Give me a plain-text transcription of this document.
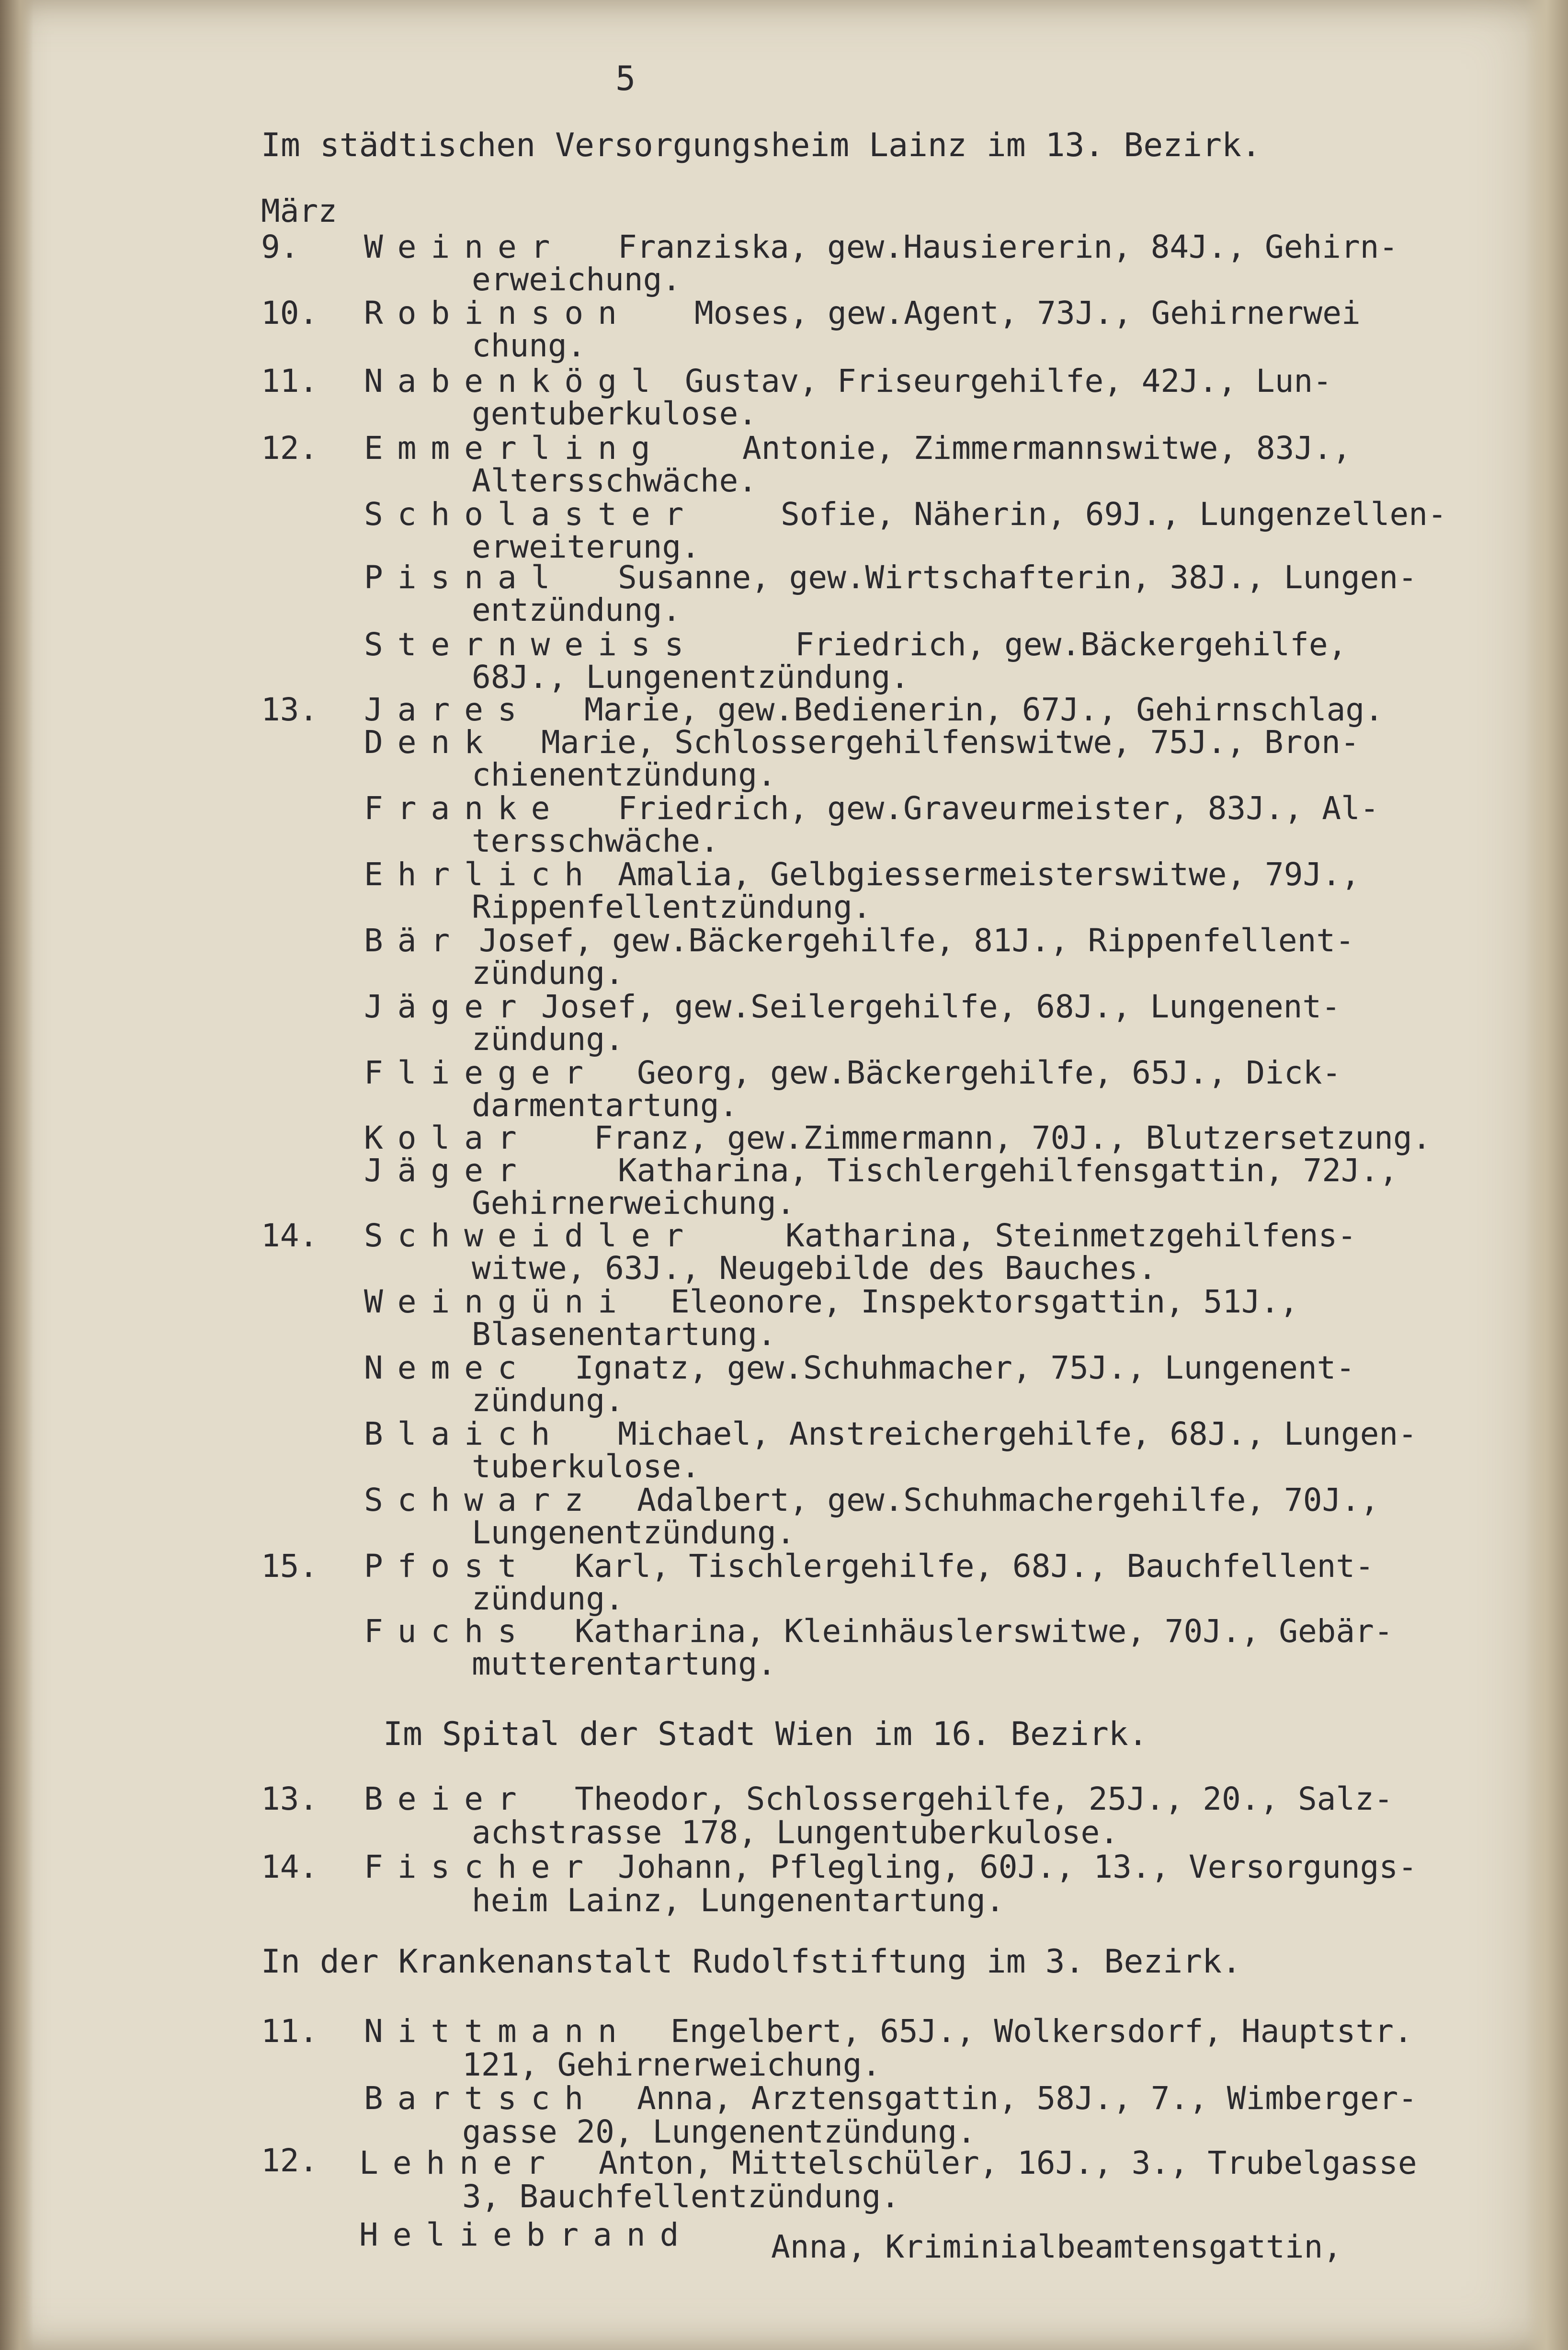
5
Im städtischen Versorgungsheim Lainz im 13. Bezirk.
März
9. Weiner Franziska, gew.Hausiererin, 84J., Gehirn-
erweichung.
10. Robinson Moses, gew.Agent, 73J., Gehirnerwei
chung.
11. Nabenkögl Gustav, Friseurgehilfe, 42J., Lun-
gentuberkulose.
12. Emmerling Antonie, Zimmermannswitwe, 83J.,
Altersschwäche.
Scholaster	Sofie, Näherin, 69J., Lungenzellen-
erweiterung.
Pisnal Susanne, gew.Wirtschafterin, 38J., Lungen-
entzündung.
Sternweiss	Friedrich, gew.Bäckergehilfe,
68J., Lungenentzündung.
13. Jares Marie, gew.Bedienerin, 67J., Gehirnschlag.
Denk Marie, Schlossergehilfenswitwe, 75J., Bron-
chienentzündung.
Franke Friedrich, gew.Graveurmeister, 83J., Al-
tersschwäche.
Ehrlich Amalia, Gelbgiessermeisterswitwe, 79J.,
Rippenfellentzündung.
Bär Josef, gew.Bäckergehilfe, 81J., Rippenfellent-
zündung.
Jäger Josef, gew.Seilergehilfe, 68J., Lungenent-
zündung.
Flieger Georg, gew.Bäckergehilfe, 65J., Dick-
darmentartung.
Kolar Franz, gew.Zimmermann, 70J., Blutzersetzung.
Jäger	Katharina, Tischlergehilfensgattin, 72J.,
Gehirnerweichung.
14. Schweidler	Katharina, Steinmetzgehilfens-
witwe, 63J., Neugebilde des Bauches.
Weingüni Eleonore, Inspektorsgattin, 51J.,
Blasenentartung.
Nemec Ignatz, gew.Schuhmacher, 75J., Lungenent-
zündung.
Blaich Michael, Anstreichergehilfe, 68J., Lungen-
tuberkulose.
Schwarz Adalbert, gew.Schuhmachergehilfe, 70J.,
Lungenentzündung.
15. Pfost Karl, Tischlergehilfe, 68J., Bauchfellent-
zündung.
Fuchs Katharina, Kleinhäuslerswitwe, 70J., Gebär-
mutterentartung.
Im Spital der Stadt Wien im 16. Bezirk.
13. Beier Theodor, Schlossergehilfe, 25J., 20., Salz-
achstrasse 178, Lungentuberkulose.
14. Fischer Johann, Pflegling, 60J., 13., Versorgungs-
heim Lainz, Lungenentartung.
In der Krankenanstalt Rudolfstiftung im 3. Bezirk.
11. Nittmann Engelbert, 65J., Wolkersdorf, Hauptstr.
121, Gehirnerweichung.
Bartsch Anna, Arztensgattin, 58J., 7., Wimberger-
gasse 20, Lungenentzündung.
12. Lehner Anton, Mittelschüler, 16J., 3., Trubelgasse
3, Bauchfellentzündung.
Heliebrand Anna, Kriminialbeamtensgattin,
